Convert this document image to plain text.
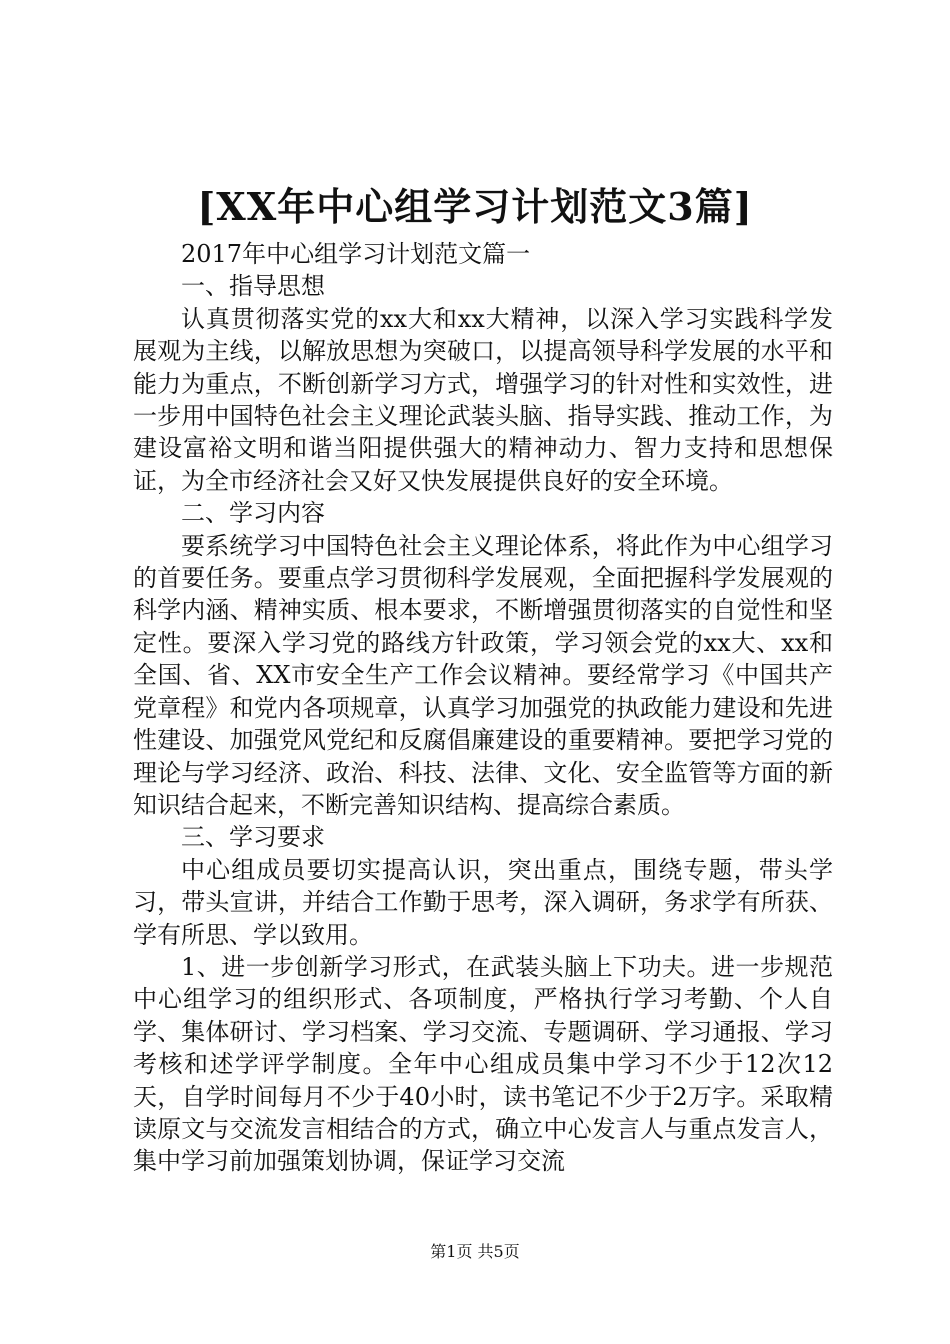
[XX年中心组学习计划范文3篇]

2017年中心组学习计划范文篇一

一、指导思想

认真贯彻落实党的xx大和xx大精神，以深入学习实践科学发展观为主线，以解放思想为突破口，以提高领导科学发展的水平和能力为重点，不断创新学习方式，增强学习的针对性和实效性，进一步用中国特色社会主义理论武装头脑、指导实践、推动工作，为建设富裕文明和谐当阳提供强大的精神动力、智力支持和思想保证，为全市经济社会又好又快发展提供良好的安全环境。

二、学习内容

要系统学习中国特色社会主义理论体系，将此作为中心组学习的首要任务。要重点学习贯彻科学发展观，全面把握科学发展观的科学内涵、精神实质、根本要求，不断增强贯彻落实的自觉性和坚定性。要深入学习党的路线方针政策，学习领会党的xx大、xx和全国、省、XX市安全生产工作会议精神。要经常学习《中国共产党章程》和党内各项规章，认真学习加强党的执政能力建设和先进性建设、加强党风党纪和反腐倡廉建设的重要精神。要把学习党的理论与学习经济、政治、科技、法律、文化、安全监管等方面的新知识结合起来，不断完善知识结构、提高综合素质。

三、学习要求

中心组成员要切实提高认识，突出重点，围绕专题，带头学习，带头宣讲，并结合工作勤于思考，深入调研，务求学有所获、学有所思、学以致用。

1、进一步创新学习形式，在武装头脑上下功夫。进一步规范中心组学习的组织形式、各项制度，严格执行学习考勤、个人自学、集体研讨、学习档案、学习交流、专题调研、学习通报、学习考核和述学评学制度。全年中心组成员集中学习不少于12次12天，自学时间每月不少于40小时，读书笔记不少于2万字。采取精读原文与交流发言相结合的方式，确立中心发言人与重点发言人，集中学习前加强策划协调，保证学习交流

第1页 共5页
